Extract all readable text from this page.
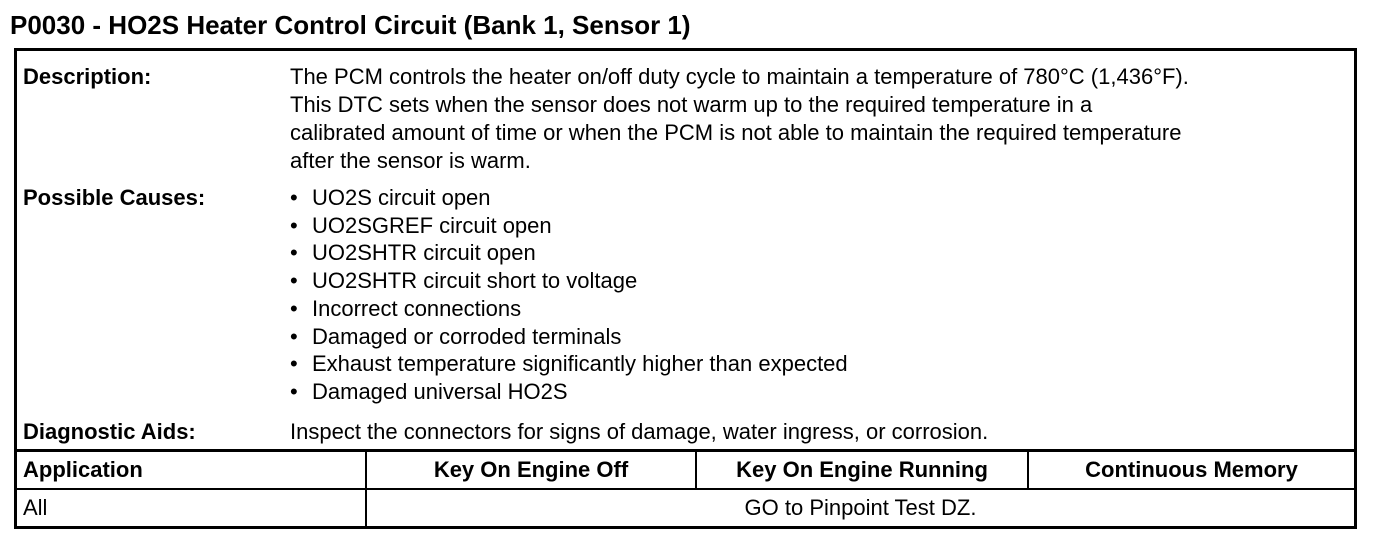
P0030 - HO2S Heater Control Circuit (Bank 1, Sensor 1)
Description:	The PCM controls the heater on/off duty cycle to maintain a temperature of 780°C (1,436°F).
This DTC sets when the sensor does not warm up to the required temperature in a
calibrated amount of time or when the PCM is not able to maintain the required temperature
after the sensor is warm.
Possible Causes:	• UO2S circuit open
• UO2SGREF circuit open
• UO2SHTR circuit open
• UO2SHTR circuit short to voltage
• Incorrect connections
• Damaged or corroded terminals
• Exhaust temperature significantly higher than expected
• Damaged universal HO2S
Diagnostic Aids:	Inspect the connectors for signs of damage, water ingress, or corrosion.
Application	Key On Engine Off	Key On Engine Running	Continuous Memory
All	GO to Pinpoint Test DZ.		
